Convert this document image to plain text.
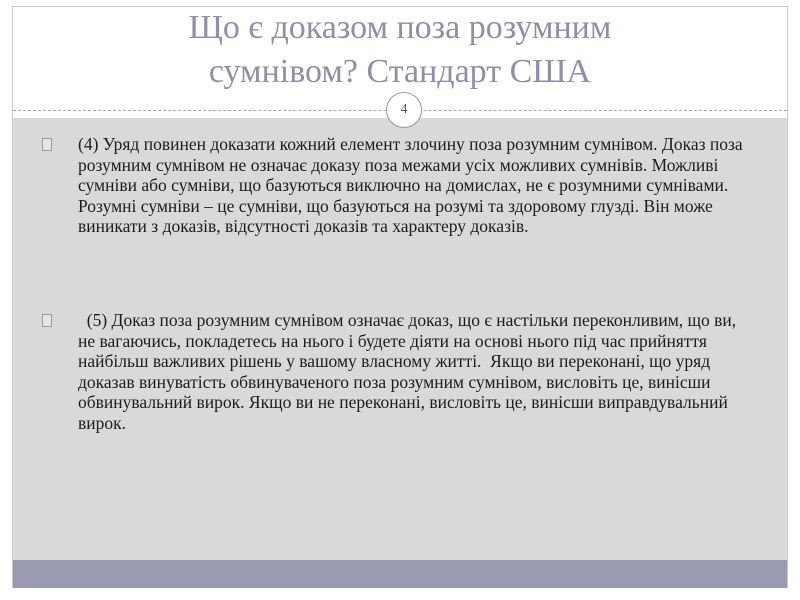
Що є доказом поза розумним
сумнівом? Стандарт США
4
(4) Уряд повинен доказати кожний елемент злочину поза розумним сумнівом. Доказ поза розумним сумнівом не означає доказу поза межами усіх можливих сумнівів. Можливі сумніви або сумніви, що базуються виключно на домислах, не є розумними сумнівами. Розумні сумніви – це сумніви, що базуються на розумі та здоровому глузді. Він може виникати з доказів, відсутності доказів та характеру доказів.
(5) Доказ поза розумним сумнівом означає доказ, що є настільки переконливим, що ви, не вагаючись, покладетесь на нього і будете діяти на основі нього під час прийняття найбільш важливих рішень у вашому власному житті.  Якщо ви переконані, що уряд доказав винуватість обвинуваченого поза розумним сумнівом, висловіть це, винісши обвинувальний вирок. Якщо ви не переконані, висловіть це, винісши виправдувальний вирок.
